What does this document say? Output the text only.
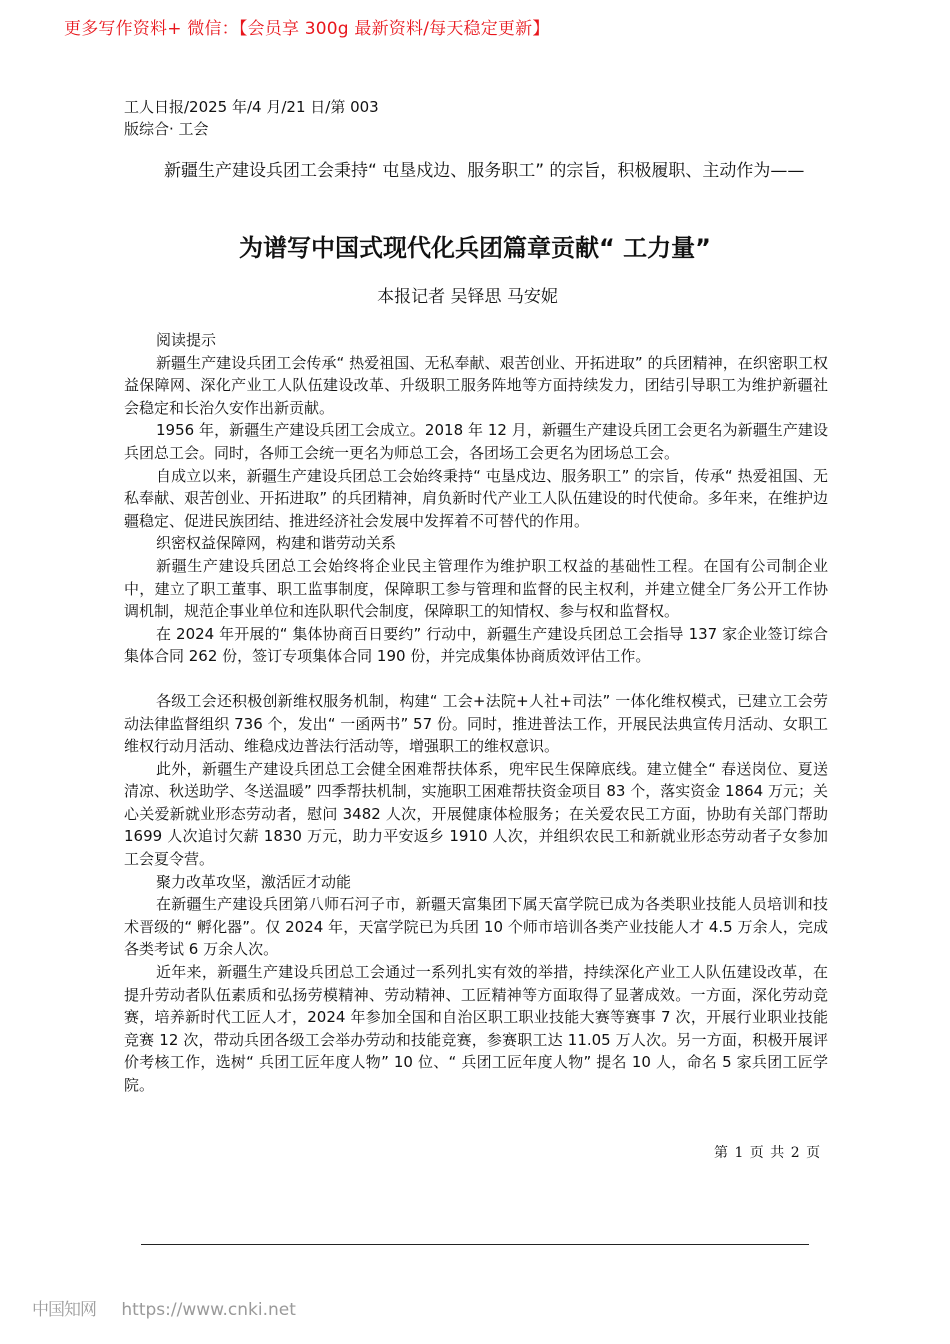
更多写作资料+ 微信：【会员享 300g 最新资料/每天稳定更新】
工人日报/2025 年/4 月/21 日/第 003
版综合· 工会
新疆生产建设兵团工会秉持“ 屯垦戍边、服务职工” 的宗旨，积极履职、主动作为——
为谱写中国式现代化兵团篇章贡献“ 工力量”
本报记者 吴铎思 马安妮

阅读提示

新疆生产建设兵团工会传承“ 热爱祖国、无私奉献、艰苦创业、开拓进取” 的兵团精神，在织密职工权益保障网、深化产业工人队伍建设改革、升级职工服务阵地等方面持续发力，团结引导职工为维护新疆社会稳定和长治久安作出新贡献。

1956 年，新疆生产建设兵团工会成立。2018 年 12 月，新疆生产建设兵团工会更名为新疆生产建设兵团总工会。同时，各师工会统一更名为师总工会，各团场工会更名为团场总工会。

自成立以来，新疆生产建设兵团总工会始终秉持“ 屯垦戍边、服务职工” 的宗旨，传承“ 热爱祖国、无私奉献、艰苦创业、开拓进取” 的兵团精神，肩负新时代产业工人队伍建设的时代使命。多年来，在维护边疆稳定、促进民族团结、推进经济社会发展中发挥着不可替代的作用。

织密权益保障网，构建和谐劳动关系

新疆生产建设兵团总工会始终将企业民主管理作为维护职工权益的基础性工程。在国有公司制企业中，建立了职工董事、职工监事制度，保障职工参与管理和监督的民主权利，并建立健全厂务公开工作协调机制，规范企事业单位和连队职代会制度，保障职工的知情权、参与权和监督权。

在 2024 年开展的“ 集体协商百日要约” 行动中，新疆生产建设兵团总工会指导 137 家企业签订综合集体合同 262 份，签订专项集体合同 190 份，并完成集体协商质效评估工作。

各级工会还积极创新维权服务机制，构建“ 工会+法院+人社+司法” 一体化维权模式，已建立工会劳动法律监督组织 736 个，发出“ 一函两书” 57 份。同时，推进普法工作，开展民法典宣传月活动、女职工维权行动月活动、维稳戍边普法行活动等，增强职工的维权意识。

此外，新疆生产建设兵团总工会健全困难帮扶体系，兜牢民生保障底线。建立健全“ 春送岗位、夏送清凉、秋送助学、冬送温暖” 四季帮扶机制，实施职工困难帮扶资金项目 83 个，落实资金 1864 万元；关心关爱新就业形态劳动者，慰问 3482 人次，开展健康体检服务；在关爱农民工方面，协助有关部门帮助 1699 人次追讨欠薪 1830 万元，助力平安返乡 1910 人次，并组织农民工和新就业形态劳动者子女参加工会夏令营。

聚力改革攻坚，激活匠才动能

在新疆生产建设兵团第八师石河子市，新疆天富集团下属天富学院已成为各类职业技能人员培训和技术晋级的“ 孵化器”。仅 2024 年，天富学院已为兵团 10 个师市培训各类产业技能人才 4.5 万余人，完成各类考试 6 万余人次。

近年来，新疆生产建设兵团总工会通过一系列扎实有效的举措，持续深化产业工人队伍建设改革，在提升劳动者队伍素质和弘扬劳模精神、劳动精神、工匠精神等方面取得了显著成效。一方面，深化劳动竞赛，培养新时代工匠人才，2024 年参加全国和自治区职工职业技能大赛等赛事 7 次，开展行业职业技能竞赛 12 次，带动兵团各级工会举办劳动和技能竞赛，参赛职工达 11.05 万人次。另一方面，积极开展评价考核工作，选树“ 兵团工匠年度人物” 10 位、“ 兵团工匠年度人物” 提名 10 人，命名 5 家兵团工匠学院。

第 1 页 共 2 页
中国知网 https://www.cnki.net
